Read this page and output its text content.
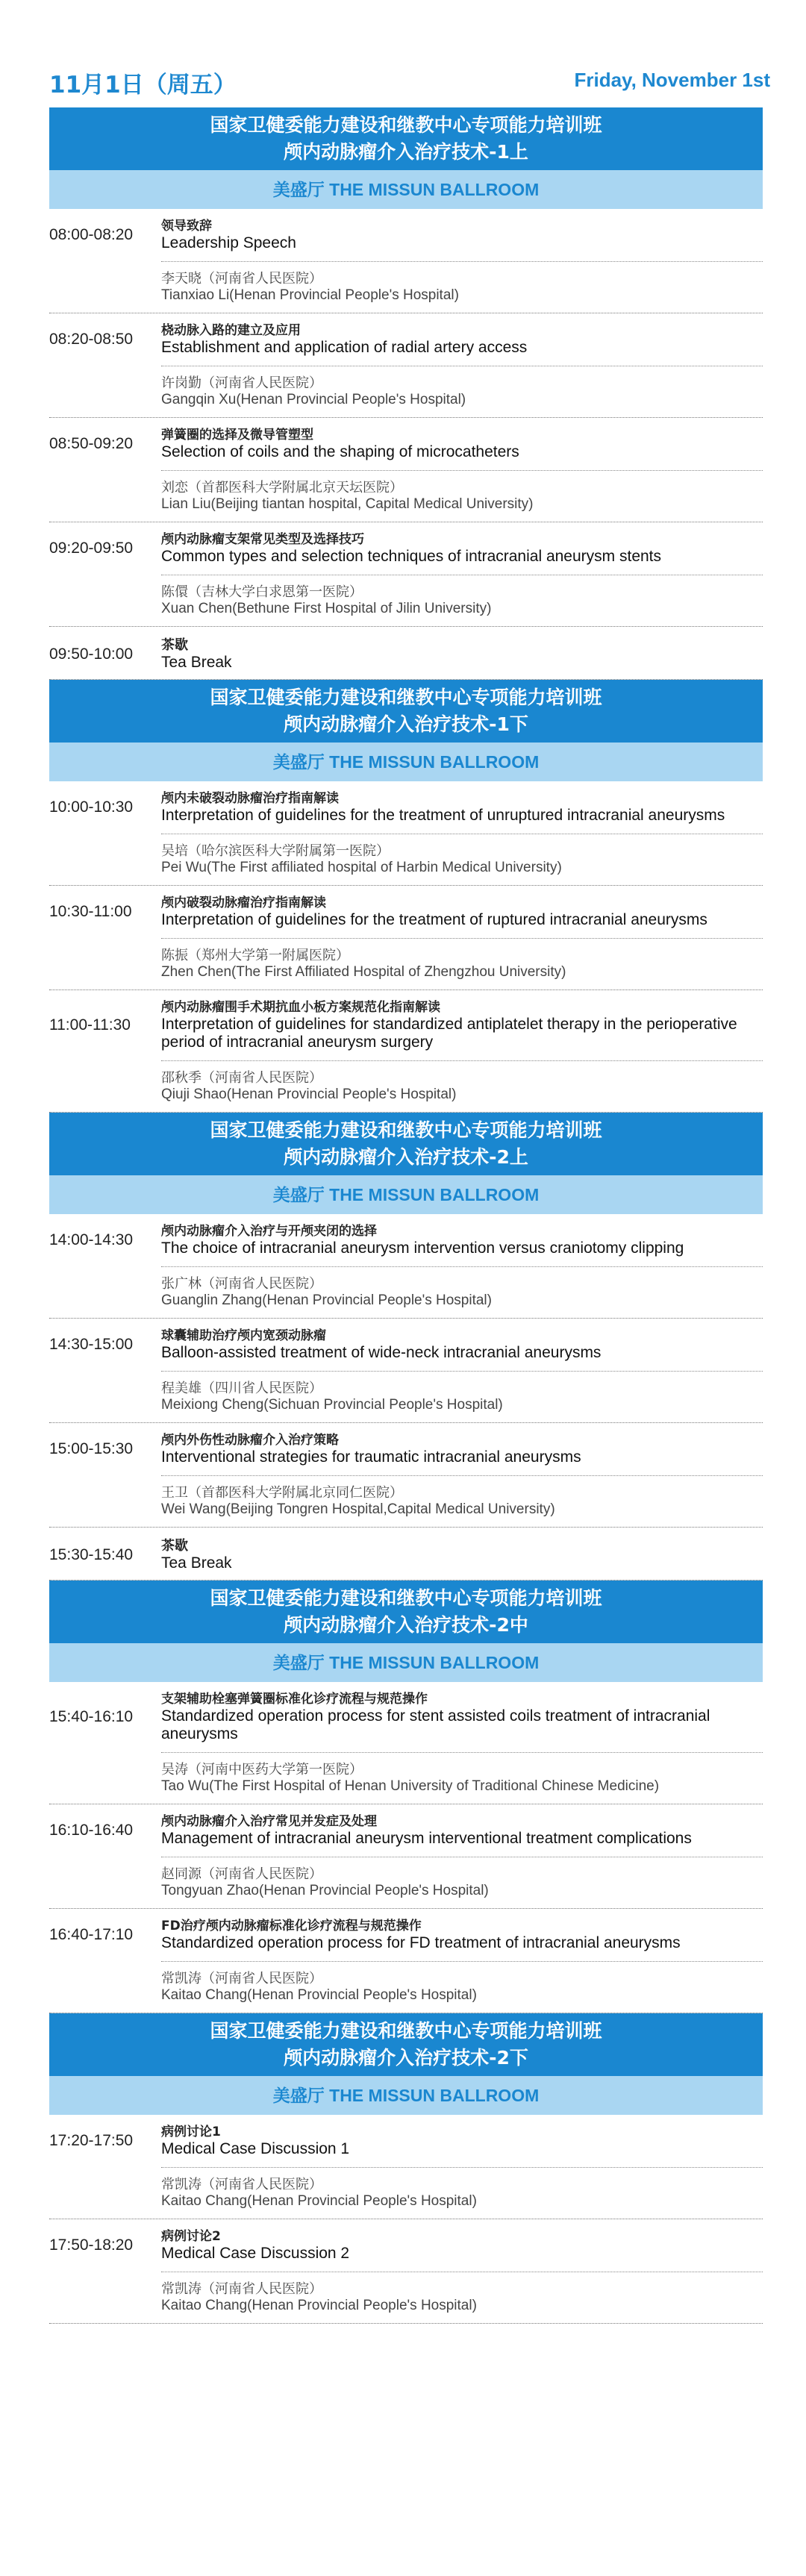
11月1日（周五）	Friday, November 1st
国家卫健委能力建设和继教中心专项能力培训班
颅内动脉瘤介入治疗技术-1上
美盛厅 THE MISSUN BALLROOM
08:00-08:20 领导致辞
Leadership Speech
李天晓（河南省人民医院）
Tianxiao Li(Henan Provincial People's Hospital)
08:20-08:50 桡动脉入路的建立及应用
Establishment and application of radial artery access
许岗勤（河南省人民医院）
Gangqin Xu(Henan Provincial People's Hospital)
08:50-09:20 弹簧圈的选择及微导管塑型
Selection of coils and the shaping of microcatheters
刘恋（首都医科大学附属北京天坛医院）
Lian Liu(Beijing tiantan hospital, Capital Medical University)
09:20-09:50 颅内动脉瘤支架常见类型及选择技巧
Common types and selection techniques of intracranial aneurysm stents
陈儇（吉林大学白求恩第一医院）
Xuan Chen(Bethune First Hospital of Jilin University)
09:50-10:00
茶歇
Tea Break
国家卫健委能力建设和继教中心专项能力培训班
颅内动脉瘤介入治疗技术-1下
美盛厅 THE MISSUN BALLROOM
10:00-10:30 颅内未破裂动脉瘤治疗指南解读
Interpretation of guidelines for the treatment of unruptured intracranial aneurysms
吴培（哈尔滨医科大学附属第一医院）
Pei Wu(The First affiliated hospital of Harbin Medical University)
10:30-11:00 颅内破裂动脉瘤治疗指南解读
Interpretation of guidelines for the treatment of ruptured intracranial aneurysms
陈振（郑州大学第一附属医院）
Zhen Chen(The First Affiliated Hospital of Zhengzhou University)
11:00-11:30
颅内动脉瘤围手术期抗血小板方案规范化指南解读
Interpretation of guidelines for standardized antiplatelet therapy in the perioperative period of intracranial aneurysm surgery
邵秋季（河南省人民医院）
Qiuji Shao(Henan Provincial People's Hospital)
国家卫健委能力建设和继教中心专项能力培训班
颅内动脉瘤介入治疗技术-2上
美盛厅 THE MISSUN BALLROOM
14:00-14:30 颅内动脉瘤介入治疗与开颅夹闭的选择
The choice of intracranial aneurysm intervention versus craniotomy clipping
张广林（河南省人民医院）
Guanglin Zhang(Henan Provincial People's Hospital)
14:30-15:00 球囊辅助治疗颅内宽颈动脉瘤
Balloon-assisted treatment of wide-neck intracranial aneurysms
程美雄（四川省人民医院）
Meixiong Cheng(Sichuan Provincial People's Hospital)
15:00-15:30 颅内外伤性动脉瘤介入治疗策略
Interventional strategies for traumatic intracranial aneurysms
王卫（首都医科大学附属北京同仁医院）
Wei Wang(Beijing Tongren Hospital,Capital Medical University)
15:30-15:40
茶歇
Tea Break
国家卫健委能力建设和继教中心专项能力培训班
颅内动脉瘤介入治疗技术-2中
美盛厅 THE MISSUN BALLROOM
15:40-16:10
支架辅助栓塞弹簧圈标准化诊疗流程与规范操作
Standardized operation process for stent assisted coils treatment of intracranial aneurysms
吴涛（河南中医药大学第一医院）
Tao Wu(The First Hospital of Henan University of Traditional Chinese Medicine)
16:10-16:40 颅内动脉瘤介入治疗常见并发症及处理
Management of intracranial aneurysm interventional treatment complications
赵同源（河南省人民医院）
Tongyuan Zhao(Henan Provincial People's Hospital)
16:40-17:10 FD治疗颅内动脉瘤标准化诊疗流程与规范操作
Standardized operation process for FD treatment of intracranial aneurysms
常凯涛（河南省人民医院）
Kaitao Chang(Henan Provincial People's Hospital)
国家卫健委能力建设和继教中心专项能力培训班
颅内动脉瘤介入治疗技术-2下
美盛厅 THE MISSUN BALLROOM
17:20-17:50 病例讨论1
Medical Case Discussion 1
常凯涛（河南省人民医院）
Kaitao Chang(Henan Provincial People's Hospital)
17:50-18:20 病例讨论2
Medical Case Discussion 2
常凯涛（河南省人民医院）
Kaitao Chang(Henan Provincial People's Hospital)
